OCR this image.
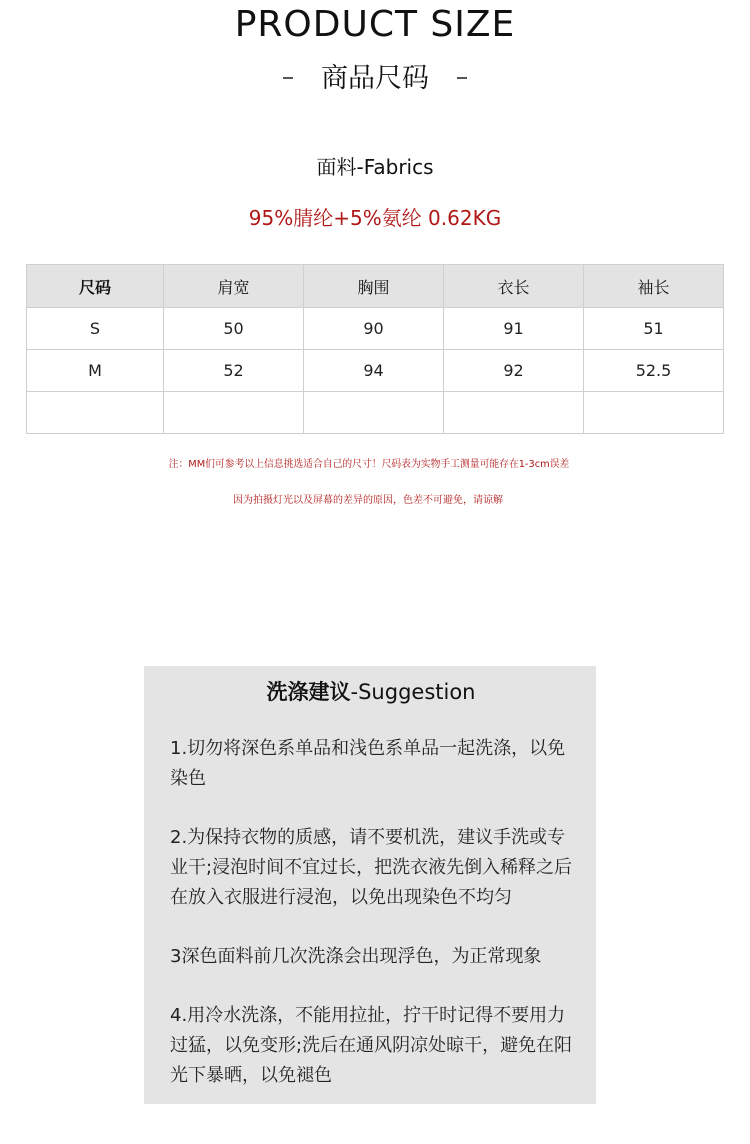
PRODUCT SIZE
商品尺码
面料-Fabrics
95%腈纶+5%氨纶 0.62KG
尺码	肩宽	胸围	衣长	袖长
S	50	90	91	51
M	52	94	92	52.5

注：MM们可参考以上信息挑选适合自己的尺寸！尺码表为实物手工测量可能存在1-3cm误差
因为拍摄灯光以及屏幕的差异的原因，色差不可避免，请谅解
洗涤建议-Suggestion
1.切勿将深色系单品和浅色系单品一起洗涤，以免染色
2.为保持衣物的质感，请不要机洗，建议手洗或专业干;浸泡时间不宜过长，把洗衣液先倒入稀释之后在放入衣服进行浸泡，以免出现染色不均匀
3深色面料前几次洗涤会出现浮色，为正常现象
4.用冷水洗涤，不能用拉扯，拧干时记得不要用力过猛，以免变形;洗后在通风阴凉处晾干，避免在阳光下暴晒，以免褪色
